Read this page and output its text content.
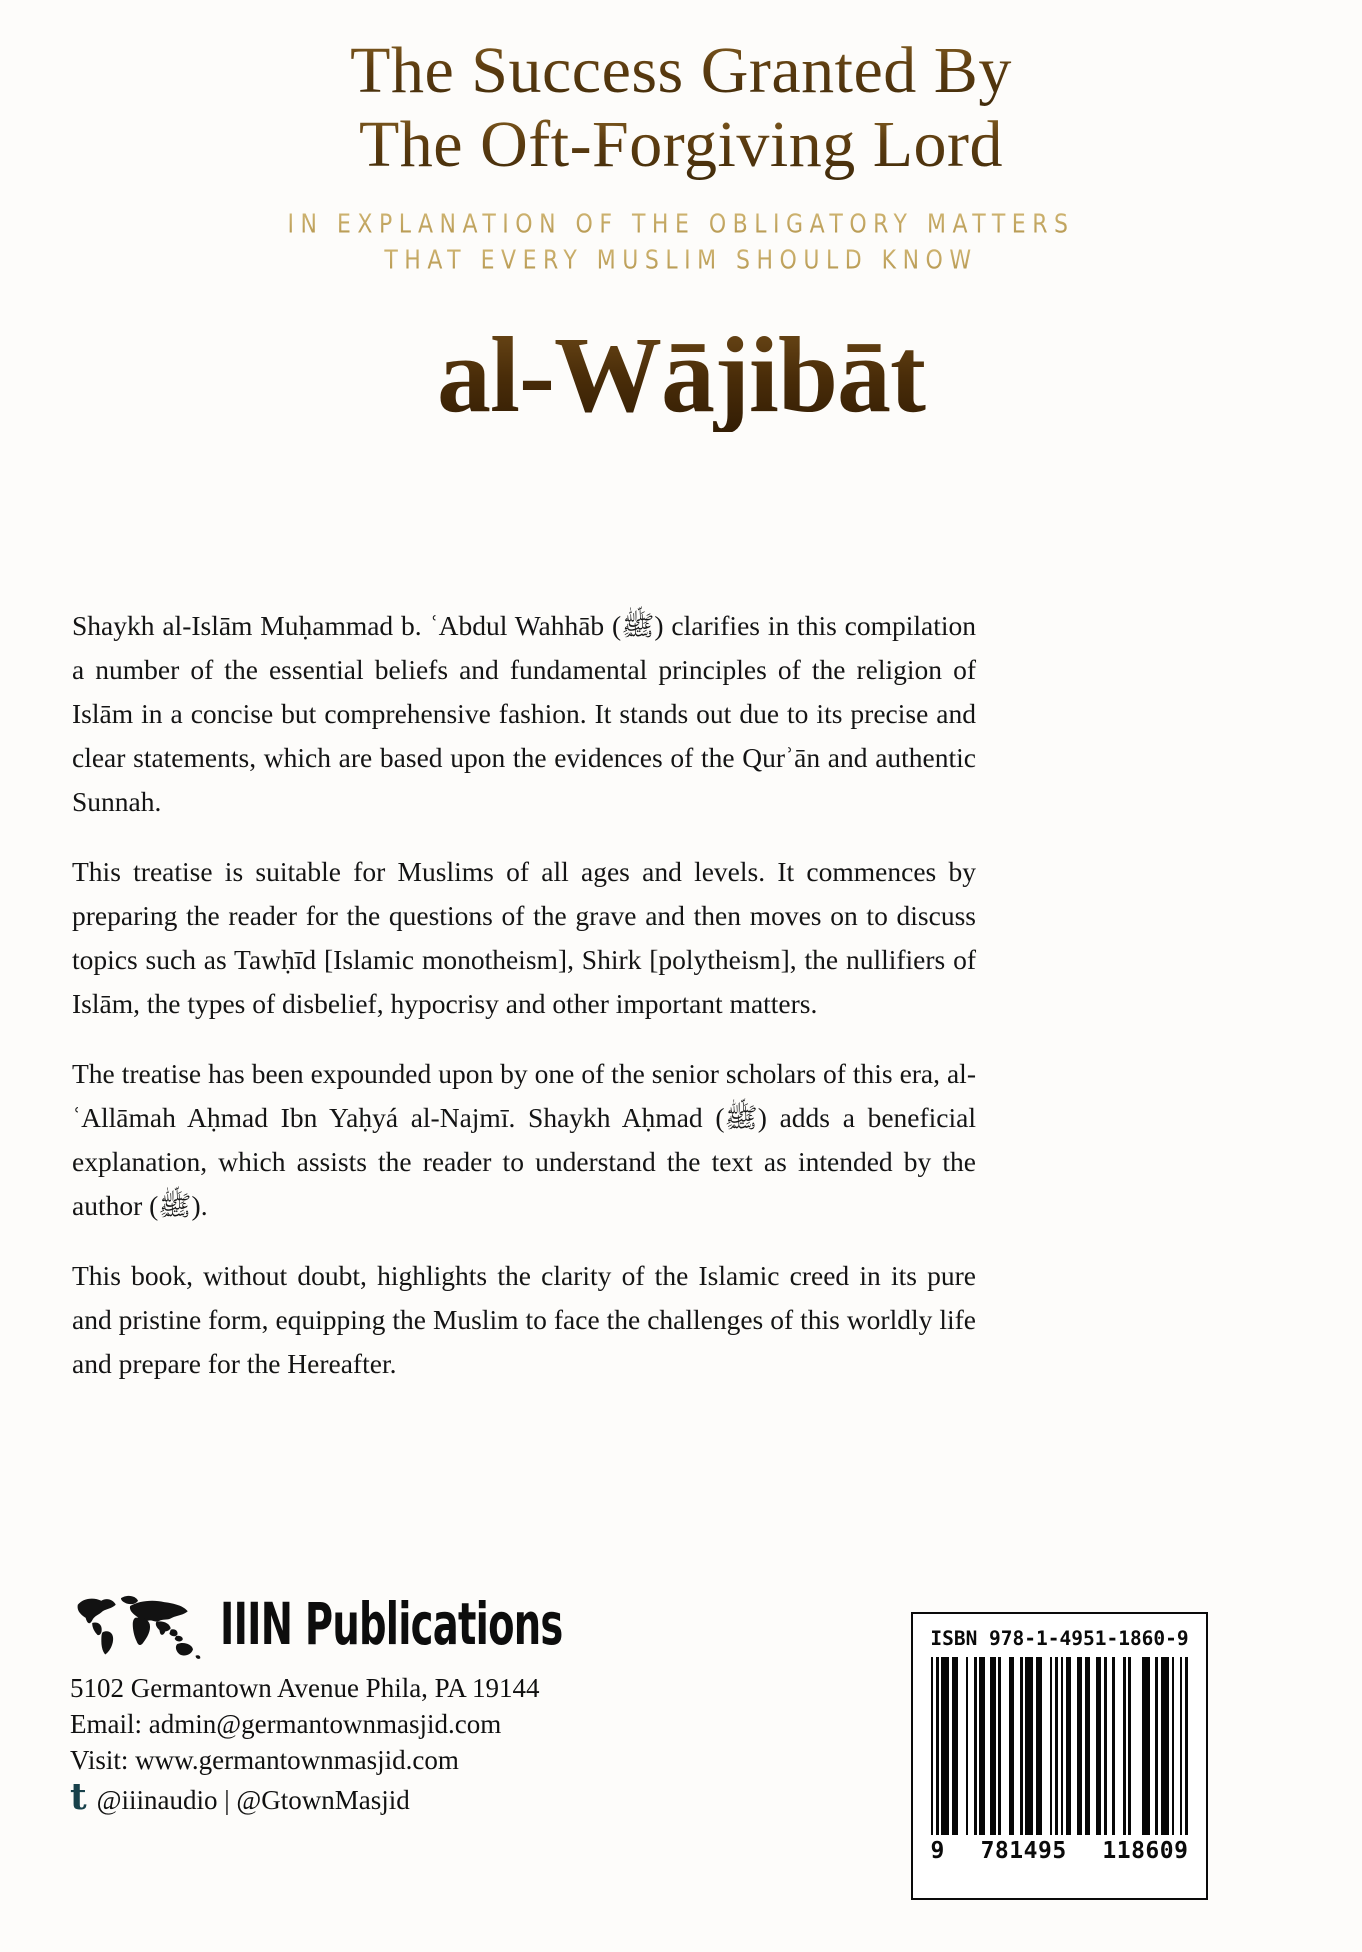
The Success Granted By
The Oft-Forgiving Lord
IN EXPLANATION OF THE OBLIGATORY MATTERS
THAT EVERY MUSLIM SHOULD KNOW
al-Wājibāt

Shaykh al-Islām Muḥammad b. ʿAbdul Wahhāb (ﷺ) clarifies in this compilation a number of the essential beliefs and fundamental principles of the religion of Islām in a concise but comprehensive fashion. It stands out due to its precise and clear statements, which are based upon the evidences of the Qurʾān and authentic Sunnah.

This treatise is suitable for Muslims of all ages and levels. It commences by preparing the reader for the questions of the grave and then moves on to discuss topics such as Tawḥīd [Islamic monotheism], Shirk [polytheism], the nullifiers of Islām, the types of disbelief, hypocrisy and other important matters.

The treatise has been expounded upon by one of the senior scholars of this era, al-ʿAllāmah Aḥmad Ibn Yaḥyá al-Najmī. Shaykh Aḥmad (ﷺ) adds a beneficial explanation, which assists the reader to understand the text as intended by the author (ﷺ).

This book, without doubt, highlights the clarity of the Islamic creed in its pure and pristine form, equipping the Muslim to face the challenges of this worldly life and prepare for the Hereafter.

IIIN Publications
5102 Germantown Avenue Phila, PA 19144
Email: admin@germantownmasjid.com
Visit: www.germantownmasjid.com
t @iiinaudio | @GtownMasjid
ISBN 978-1-4951-1860-9
9 781495 118609
